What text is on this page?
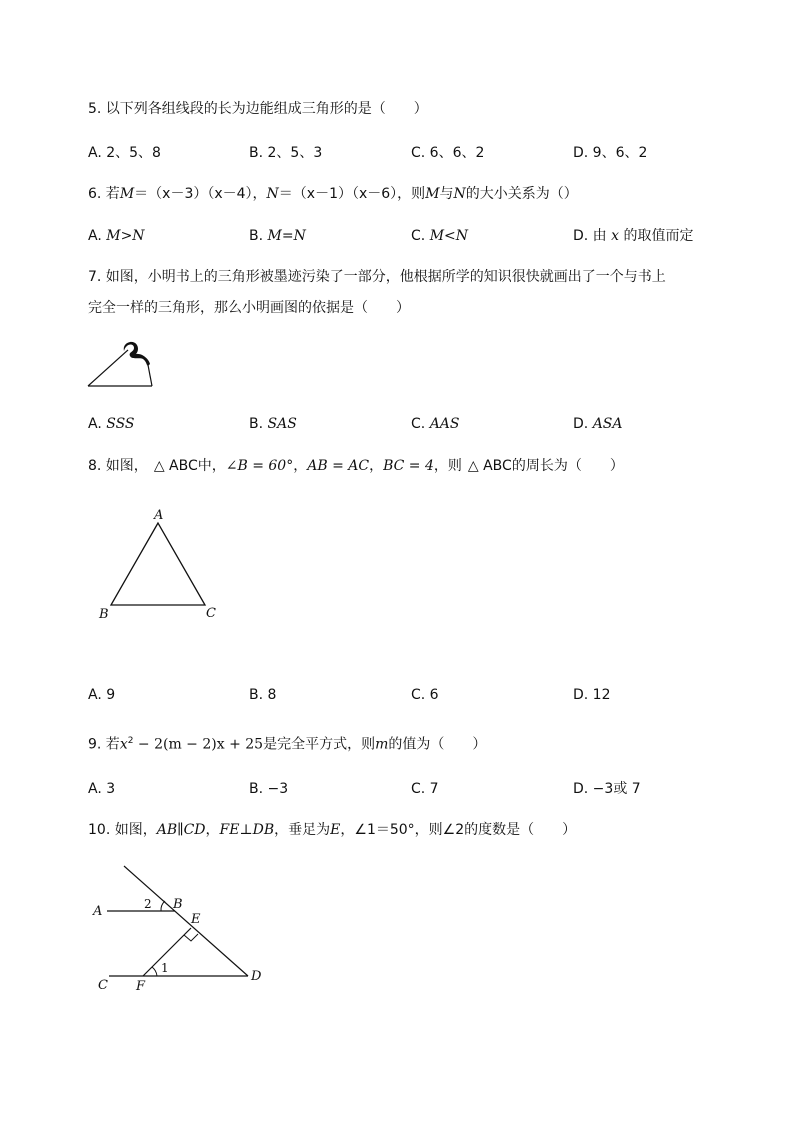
5. 以下列各组线段的长为边能组成三角形的是（　　）
A. 2、5、8	B. 2、5、3	C. 6、6、2	D. 9、6、2
6. 若M＝（x－3）（x－4），N＝（x－1）（x－6），则M与N的大小关系为（）
A. M>N	B. M=N	C. M<N	D. 由 x 的取值而定
7. 如图，小明书上的三角形被墨迹污染了一部分，他根据所学的知识很快就画出了一个与书上
完全一样的三角形，那么小明画图的依据是（　　）
A. SSS	B. SAS	C. AAS	D. ASA
8. 如图， △ ABC中，∠B = 60°，AB = AC，BC = 4，则 △ ABC的周长为（　　）
A
B	C
A. 9	B. 8	C. 6	D. 12
9. 若$x^2 - 2(m - 2)x + 25$是完全平方式，则m的值为（　　）
A. 3	B. −3	C. 7	D. −3或 7
10. 如图，AB∥CD，FE⊥DB，垂足为E，∠1＝50°，则∠2的度数是（　　）
A	B
E
C F
D
2
1
